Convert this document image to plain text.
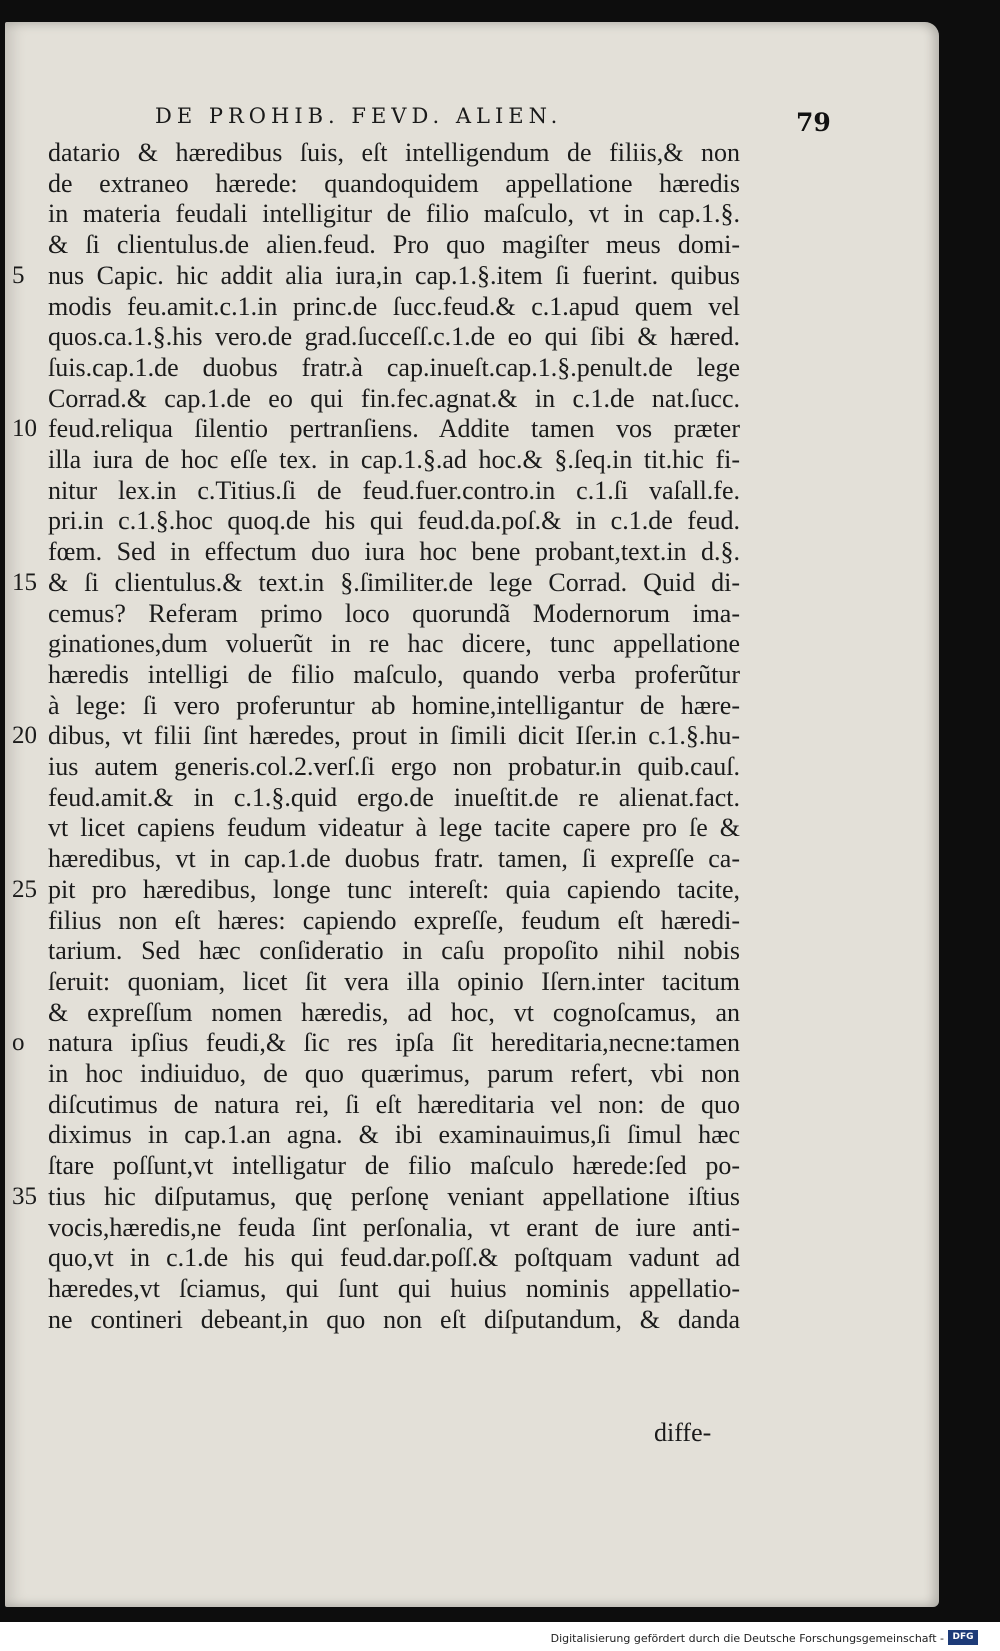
DE PROHIB. FEVD. ALIEN.	79
datario & hæredibus ſuis, eſt intelligendum de filiis,& non
de extraneo hærede: quandoquidem appellatione hæredis
in materia feudali intelligitur de filio maſculo, vt in cap.1.§.
& ſi clientulus.de alien.feud. Pro quo magiſter meus domi-
nus Capic. hic addit alia iura,in cap.1.§.item ſi fuerint. quibus
modis feu.amit.c.1.in princ.de ſucc.feud.& c.1.apud quem vel
quos.ca.1.§.his vero.de grad.ſucceſſ.c.1.de eo qui ſibi & hæred.
ſuis.cap.1.de duobus fratr.à cap.inueſt.cap.1.§.penult.de lege
Corrad.& cap.1.de eo qui fin.fec.agnat.& in c.1.de nat.ſucc.
feud.reliqua ſilentio pertranſiens. Addite tamen vos præter
illa iura de hoc eſſe tex. in cap.1.§.ad hoc.& §.ſeq.in tit.hic fi-
nitur lex.in c.Titius.ſi de feud.fuer.contro.in c.1.ſi vaſall.fe.
pri.in c.1.§.hoc quoq.de his qui feud.da.poſ.& in c.1.de feud.
fœm. Sed in effectum duo iura hoc bene probant,text.in d.§.
& ſi clientulus.& text.in §.ſimiliter.de lege Corrad. Quid di-
cemus? Referam primo loco quorundã Modernorum ima-
ginationes,dum voluerũt in re hac dicere, tunc appellatione
hæredis intelligi de filio maſculo, quando verba proferũtur
à lege: ſi vero proferuntur ab homine,intelligantur de hære-
dibus, vt filii ſint hæredes, prout in ſimili dicit Iſer.in c.1.§.hu-
ius autem generis.col.2.verſ.ſi ergo non probatur.in quib.cauſ.
feud.amit.& in c.1.§.quid ergo.de inueſtit.de re alienat.fact.
vt licet capiens feudum videatur à lege tacite capere pro ſe &
hæredibus, vt in cap.1.de duobus fratr. tamen, ſi expreſſe ca-
pit pro hæredibus, longe tunc intereſt: quia capiendo tacite,
filius non eſt hæres: capiendo expreſſe, feudum eſt hæredi-
tarium. Sed hæc conſideratio in caſu propoſito nihil nobis
ſeruit: quoniam, licet ſit vera illa opinio Iſern.inter tacitum
& expreſſum nomen hæredis, ad hoc, vt cognoſcamus, an
natura ipſius feudi,& ſic res ipſa ſit hereditaria,necne:tamen
in hoc indiuiduo, de quo quærimus, parum refert, vbi non
diſcutimus de natura rei, ſi eſt hæreditaria vel non: de quo
diximus in cap.1.an agna. & ibi examinauimus,ſi ſimul hæc
ſtare poſſunt,vt intelligatur de filio maſculo hærede:ſed po-
tius hic diſputamus, quę perſonę veniant appellatione iſtius
vocis,hæredis,ne feuda ſint perſonalia, vt erant de iure anti-
quo,vt in c.1.de his qui feud.dar.poſſ.& poſtquam vadunt ad
hæredes,vt ſciamus, qui ſunt qui huius nominis appellatio-
ne contineri debeant,in quo non eſt diſputandum, & danda
5
10
15
20
25
o
35
diffe-
Digitalisierung gefördert durch die Deutsche Forschungsgemeinschaft - DFG
